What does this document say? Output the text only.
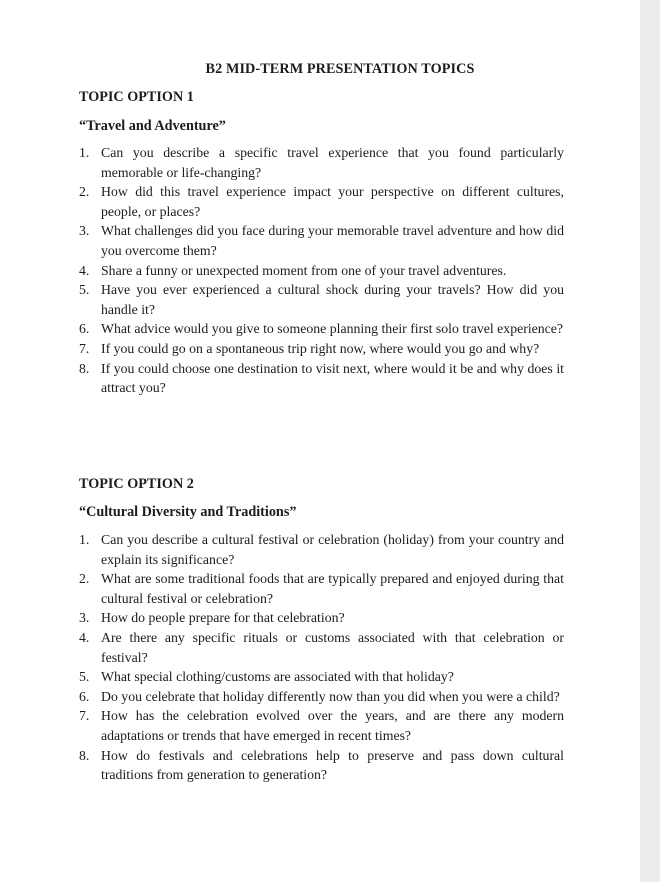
B2 MID-TERM PRESENTATION TOPICS
TOPIC OPTION 1
“Travel and Adventure”
1. Can you describe a specific travel experience that you found particularly memorable or life-changing?
2. How did this travel experience impact your perspective on different cultures, people, or places?
3. What challenges did you face during your memorable travel adventure and how did you overcome them?
4. Share a funny or unexpected moment from one of your travel adventures.
5. Have you ever experienced a cultural shock during your travels? How did you handle it?
6. What advice would you give to someone planning their first solo travel experience?
7. If you could go on a spontaneous trip right now, where would you go and why?
8. If you could choose one destination to visit next, where would it be and why does it attract you?
TOPIC OPTION 2
“Cultural Diversity and Traditions”
1. Can you describe a cultural festival or celebration (holiday) from your country and explain its significance?
2. What are some traditional foods that are typically prepared and enjoyed during that cultural festival or celebration?
3. How do people prepare for that celebration?
4. Are there any specific rituals or customs associated with that celebration or festival?
5. What special clothing/customs are associated with that holiday?
6. Do you celebrate that holiday differently now than you did when you were a child?
7. How has the celebration evolved over the years, and are there any modern adaptations or trends that have emerged in recent times?
8. How do festivals and celebrations help to preserve and pass down cultural traditions from generation to generation?
